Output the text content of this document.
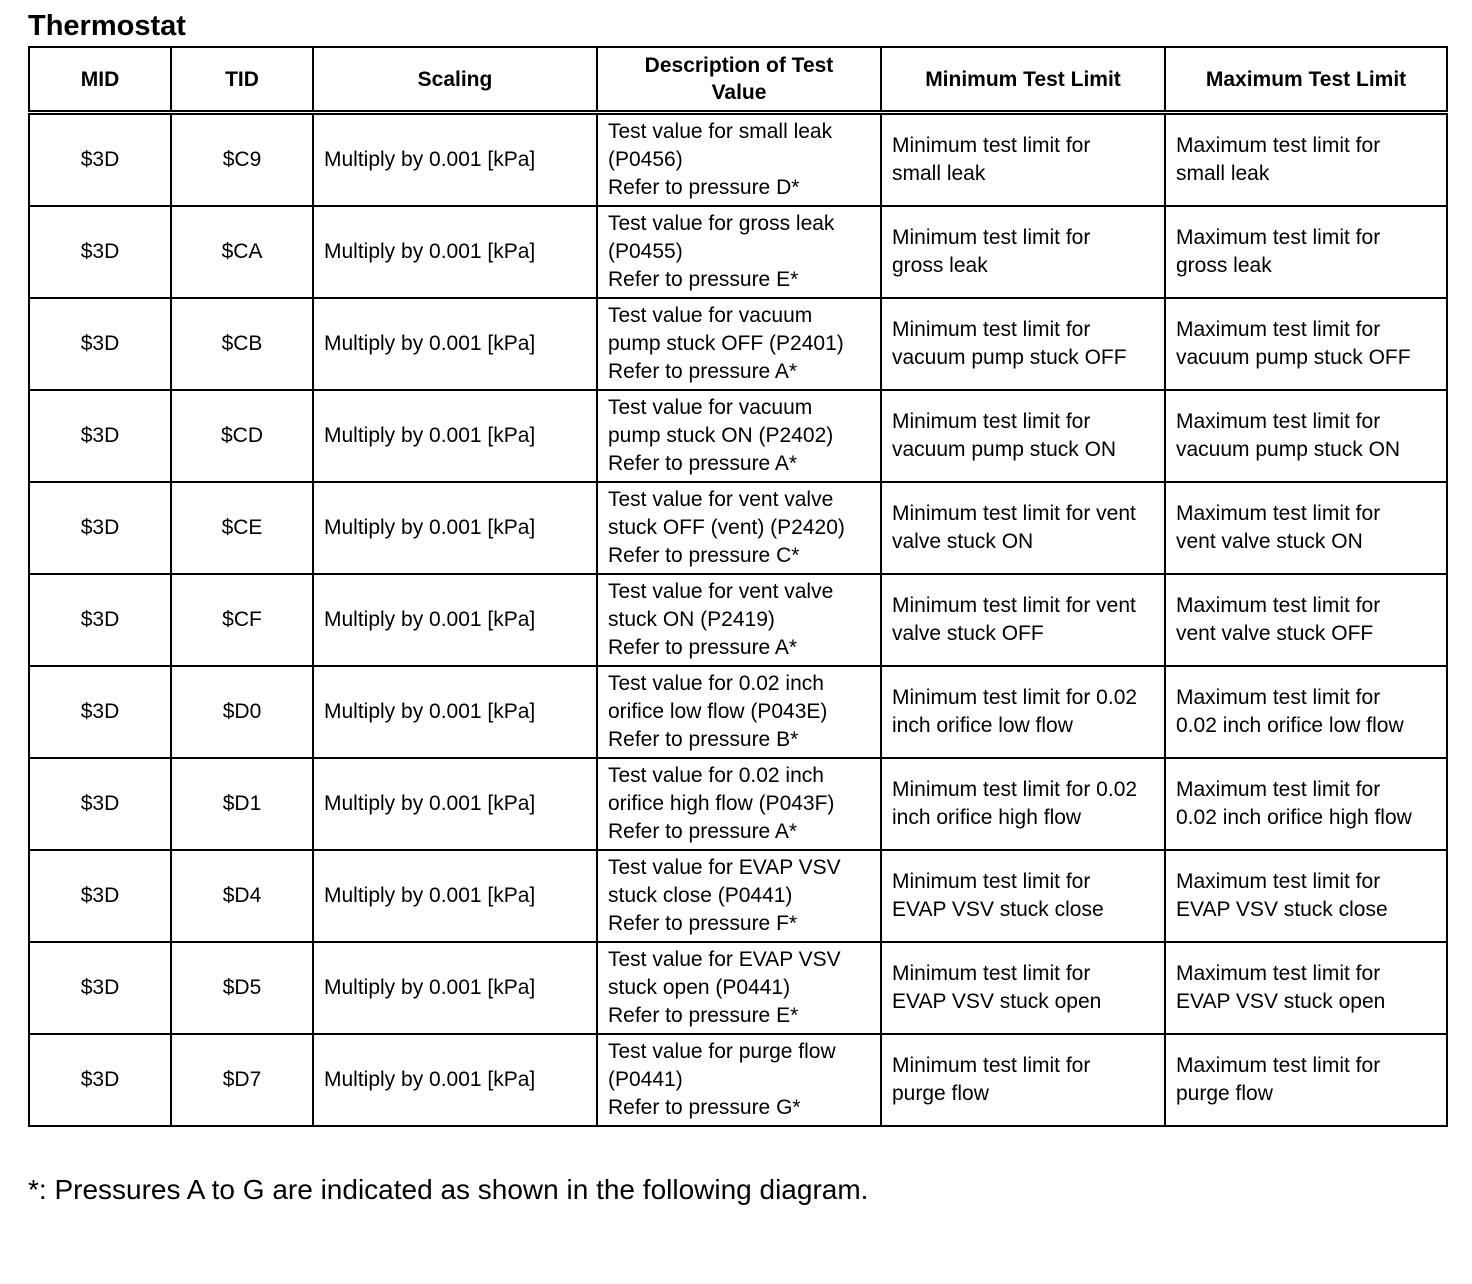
Thermostat
MID	TID	Scaling	Description of Test Value	Minimum Test Limit	Maximum Test Limit
$3D	$C9	Multiply by 0.001 [kPa]	Test value for small leak
(P0456)
Refer to pressure D*	Minimum test limit for
small leak	Maximum test limit for
small leak

$3D	$CA	Multiply by 0.001 [kPa]	Test value for gross leak
(P0455)
Refer to pressure E*	Minimum test limit for
gross leak	Maximum test limit for
gross leak

$3D	$CB	Multiply by 0.001 [kPa]	Test value for vacuum
pump stuck OFF (P2401)
Refer to pressure A*	Minimum test limit for
vacuum pump stuck OFF	Maximum test limit for
vacuum pump stuck OFF

$3D	$CD	Multiply by 0.001 [kPa]	Test value for vacuum
pump stuck ON (P2402)
Refer to pressure A*	Minimum test limit for
vacuum pump stuck ON	Maximum test limit for
vacuum pump stuck ON

$3D	$CE	Multiply by 0.001 [kPa]	Test value for vent valve
stuck OFF (vent) (P2420)
Refer to pressure C*	Minimum test limit for vent
valve stuck ON	Maximum test limit for
vent valve stuck ON

$3D	$CF	Multiply by 0.001 [kPa]	Test value for vent valve
stuck ON (P2419)
Refer to pressure A*	Minimum test limit for vent
valve stuck OFF	Maximum test limit for
vent valve stuck OFF

$3D	$D0	Multiply by 0.001 [kPa]	Test value for 0.02 inch
orifice low flow (P043E)
Refer to pressure B*	Minimum test limit for 0.02
inch orifice low flow	Maximum test limit for
0.02 inch orifice low flow

$3D	$D1	Multiply by 0.001 [kPa]	Test value for 0.02 inch
orifice high flow (P043F)
Refer to pressure A*	Minimum test limit for 0.02
inch orifice high flow	Maximum test limit for
0.02 inch orifice high flow

$3D	$D4	Multiply by 0.001 [kPa]	Test value for EVAP VSV
stuck close (P0441)
Refer to pressure F*	Minimum test limit for
EVAP VSV stuck close	Maximum test limit for
EVAP VSV stuck close

$3D	$D5	Multiply by 0.001 [kPa]	Test value for EVAP VSV
stuck open (P0441)
Refer to pressure E*	Minimum test limit for
EVAP VSV stuck open	Maximum test limit for
EVAP VSV stuck open

$3D	$D7	Multiply by 0.001 [kPa]	Test value for purge flow
(P0441)
Refer to pressure G*	Minimum test limit for
purge flow	Maximum test limit for
purge flow

*: Pressures A to G are indicated as shown in the following diagram.
